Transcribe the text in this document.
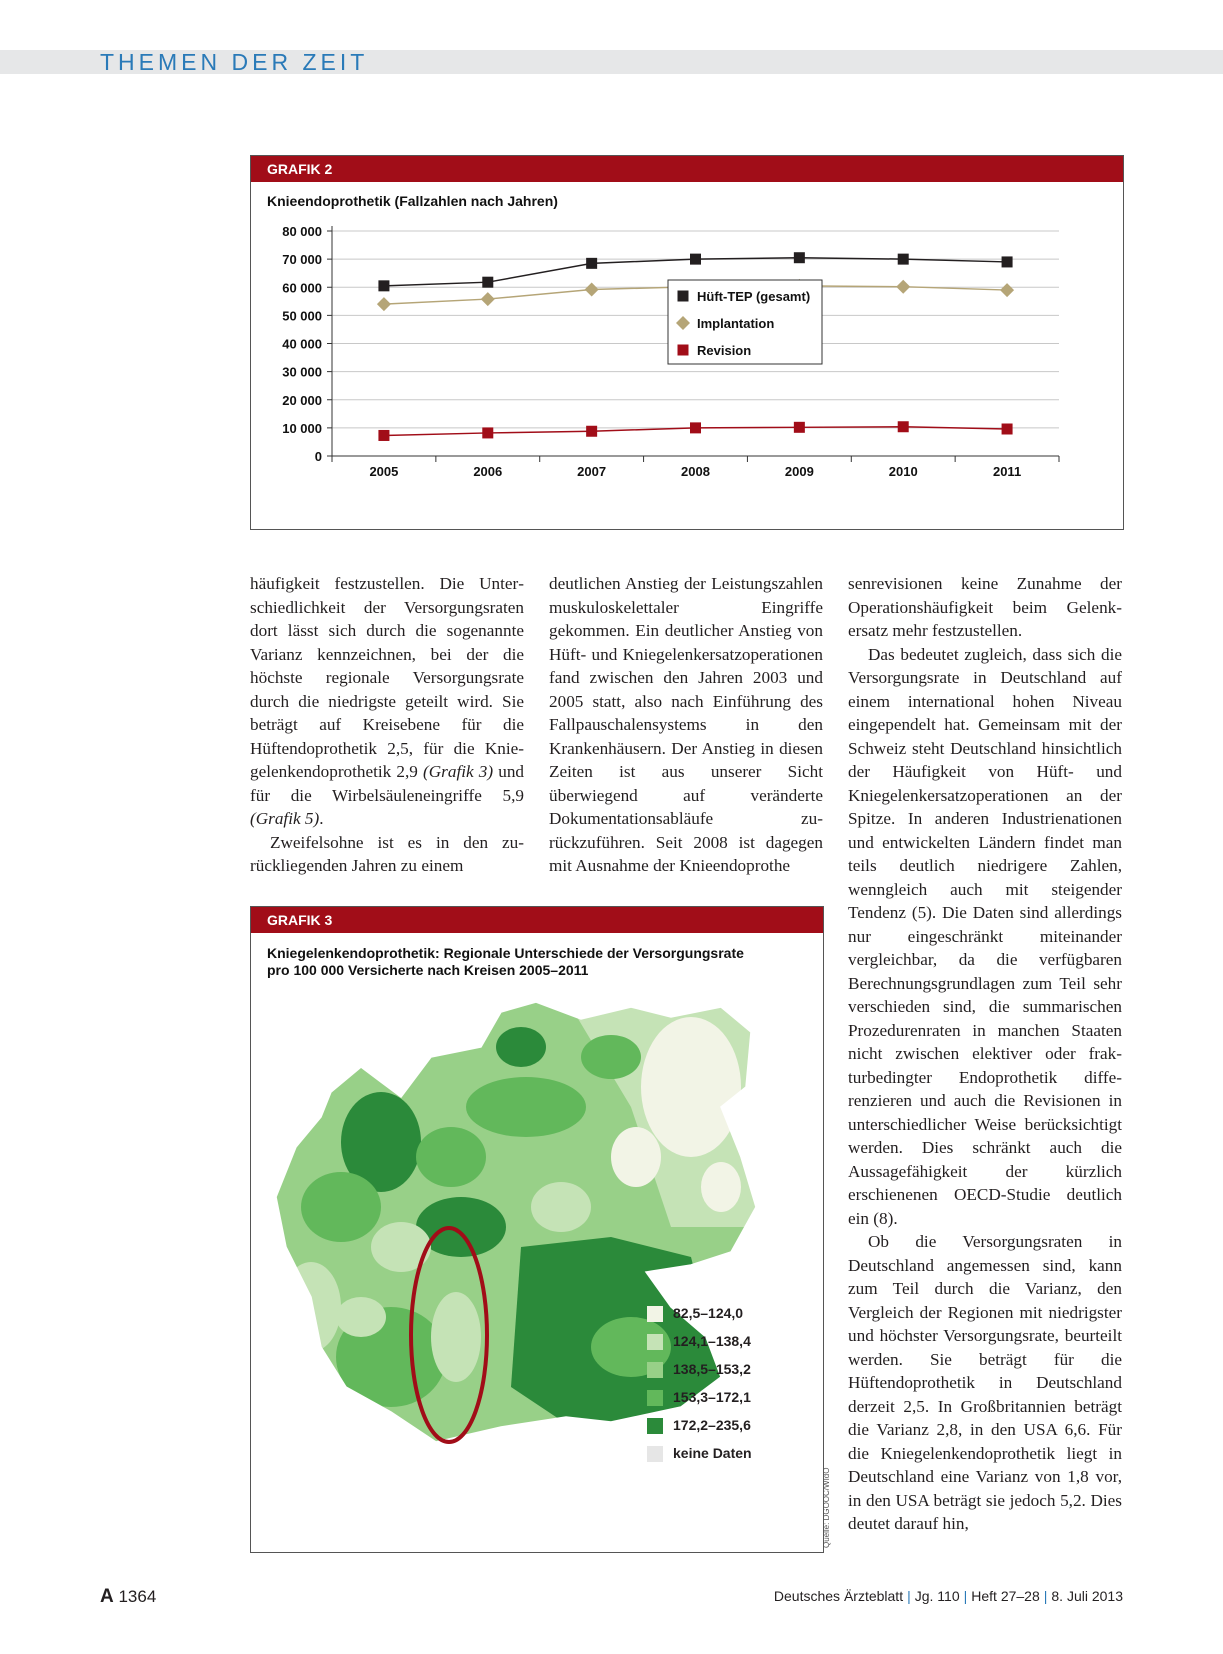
THEMEN DER ZEIT
GRAFIK 2
Knieendoprothetik (Fallzahlen nach Jahren)
0
10 000
20 000
30 000
40 000
50 000
60 000
70 000
80 000
2005	2006	2007	2008	2009	2010	2011
Hüft-TEP (gesamt)
Implantation
Revision

häufigkeit festzustellen. Die Unterschiedlichkeit der Versorgungsraten dort lässt sich durch die sogenannte Varianz kennzeichnen, bei der die höchste regionale Versorgungsrate durch die niedrigste geteilt wird. Sie beträgt auf Kreisebene für die Hüftendoprothetik 2,5, für die Kniegelenkendoprothetik 2,9 (Grafik 3) und für die Wirbelsäuleneingriffe 5,9 (Grafik 5).

Zweifelsohne ist es in den zurückliegenden Jahren zu einem

deutlichen Anstieg der Leistungszahlen muskuloskelettaler Eingriffe gekommen. Ein deutlicher Anstieg von Hüft- und Kniegelenkersatzoperationen fand zwischen den Jahren 2003 und 2005 statt, also nach Einführung des Fallpauschalensystems in den Krankenhäusern. Der Anstieg in diesen Zeiten ist aus unserer Sicht überwiegend auf veränderte Dokumentationsabläufe zurückzuführen. Seit 2008 ist dagegen mit Ausnahme der Knieendoprothe

senrevisionen keine Zunahme der Operationshäufigkeit beim Gelenkersatz mehr festzustellen.

Das bedeutet zugleich, dass sich die Versorgungsrate in Deutschland auf einem international hohen Niveau eingependelt hat. Gemeinsam mit der Schweiz steht Deutschland hinsichtlich der Häufigkeit von Hüft- und Kniegelenkersatzoperationen an der Spitze. In anderen Industrienationen und entwickelten Ländern findet man teils deutlich niedrigere Zahlen, wenngleich auch mit steigender Tendenz (5). Die Daten sind allerdings nur eingeschränkt miteinander vergleichbar, da die verfügbaren Berechnungsgrundlagen zum Teil sehr verschieden sind, die summarischen Prozedurenraten in manchen Staaten nicht zwischen elektiver oder frakturbedingter Endoprothetik differenzieren und auch die Revisionen in unterschiedlicher Weise berücksichtigt werden. Dies schränkt auch die Aussagefähigkeit der kürzlich erschienenen OECD-Studie deutlich ein (8).

Ob die Versorgungsraten in Deutschland angemessen sind, kann zum Teil durch die Varianz, den Vergleich der Regionen mit niedrigster und höchster Versorgungsrate, beurteilt werden. Sie beträgt für die Hüftendoprothetik in Deutschland derzeit 2,5. In Großbritannien beträgt die Varianz 2,8, in den USA 6,6. Für die Kniegelenkendoprothetik liegt in Deutschland eine Varianz von 1,8 vor, in den USA beträgt sie jedoch 5,2. Dies deutet darauf hin,

GRAFIK 3
Kniegelenkendoprothetik: Regionale Unterschiede der Versorgungsrate
pro 100 000 Versicherte nach Kreisen 2005–2011
82,5–124,0
124,1–138,4
138,5–153,2
153,3–172,1
172,2–235,6
keine Daten
Quelle: DGOOC/WIdO
A 1364	Deutsches Ärzteblatt | Jg. 110 | Heft 27–28 | 8. Juli 2013
